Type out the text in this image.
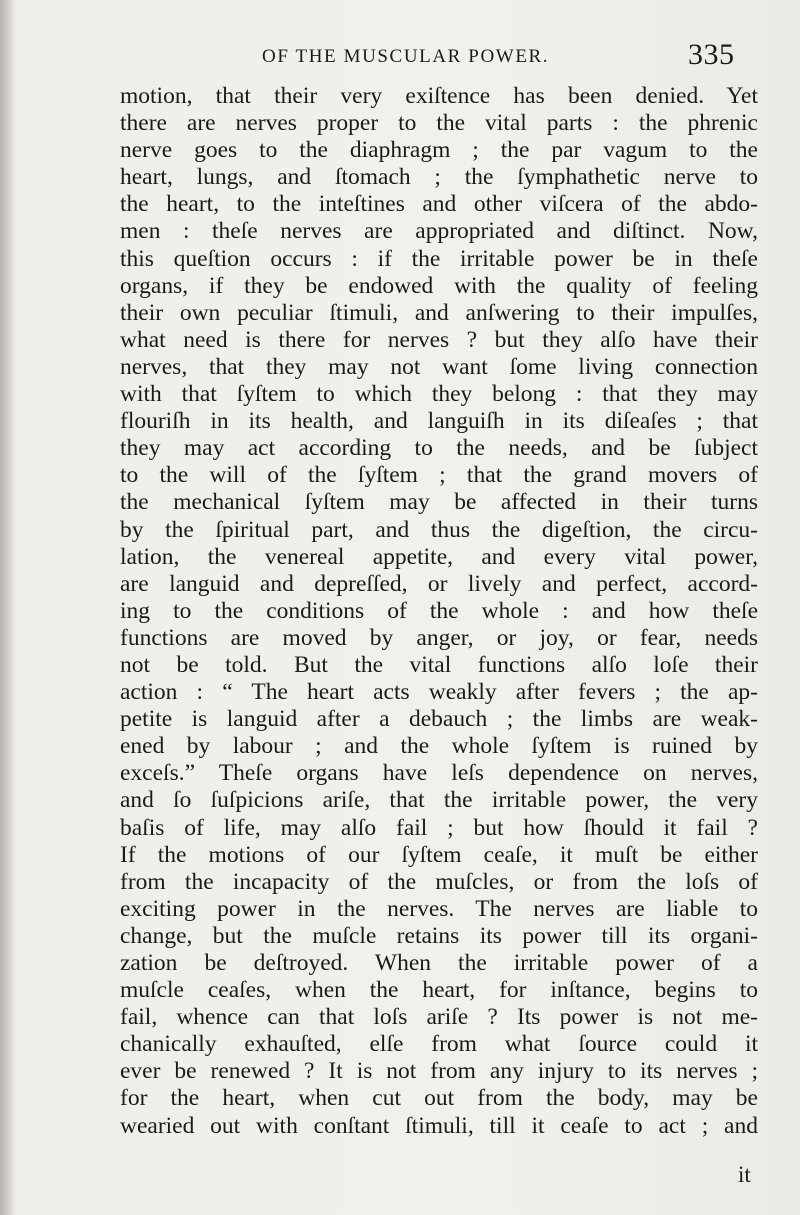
OF THE MUSCULAR POWER.	335
motion, that their very exiſtence has been denied. Yet
there are nerves proper to the vital parts : the phrenic
nerve goes to the diaphragm ; the par vagum to the
heart, lungs, and ſtomach ; the ſymphathetic nerve to
the heart, to the inteſtines and other viſcera of the abdo-
men : theſe nerves are appropriated and diſtinct. Now,
this queſtion occurs : if the irritable power be in theſe
organs, if they be endowed with the quality of feeling
their own peculiar ſtimuli, and anſwering to their impulſes,
what need is there for nerves ? but they alſo have their
nerves, that they may not want ſome living connection
with that ſyſtem to which they belong : that they may
flouriſh in its health, and languiſh in its diſeaſes ; that
they may act according to the needs, and be ſubject
to the will of the ſyſtem ; that the grand movers of
the mechanical ſyſtem may be affected in their turns
by the ſpiritual part, and thus the digeſtion, the circu-
lation, the venereal appetite, and every vital power,
are languid and depreſſed, or lively and perfect, accord-
ing to the conditions of the whole : and how theſe
functions are moved by anger, or joy, or fear, needs
not be told. But the vital functions alſo loſe their
action : “ The heart acts weakly after fevers ; the ap-
petite is languid after a debauch ; the limbs are weak-
ened by labour ; and the whole ſyſtem is ruined by
exceſs.” Theſe organs have leſs dependence on nerves,
and ſo ſuſpicions ariſe, that the irritable power, the very
baſis of life, may alſo fail ; but how ſhould it fail ?
If the motions of our ſyſtem ceaſe, it muſt be either
from the incapacity of the muſcles, or from the loſs of
exciting power in the nerves. The nerves are liable to
change, but the muſcle retains its power till its organi-
zation be deſtroyed. When the irritable power of a
muſcle ceaſes, when the heart, for inſtance, begins to
fail, whence can that loſs ariſe ? Its power is not me-
chanically exhauſted, elſe from what ſource could it
ever be renewed ? It is not from any injury to its nerves ;
for the heart, when cut out from the body, may be
wearied out with conſtant ſtimuli, till it ceaſe to act ; and
it
